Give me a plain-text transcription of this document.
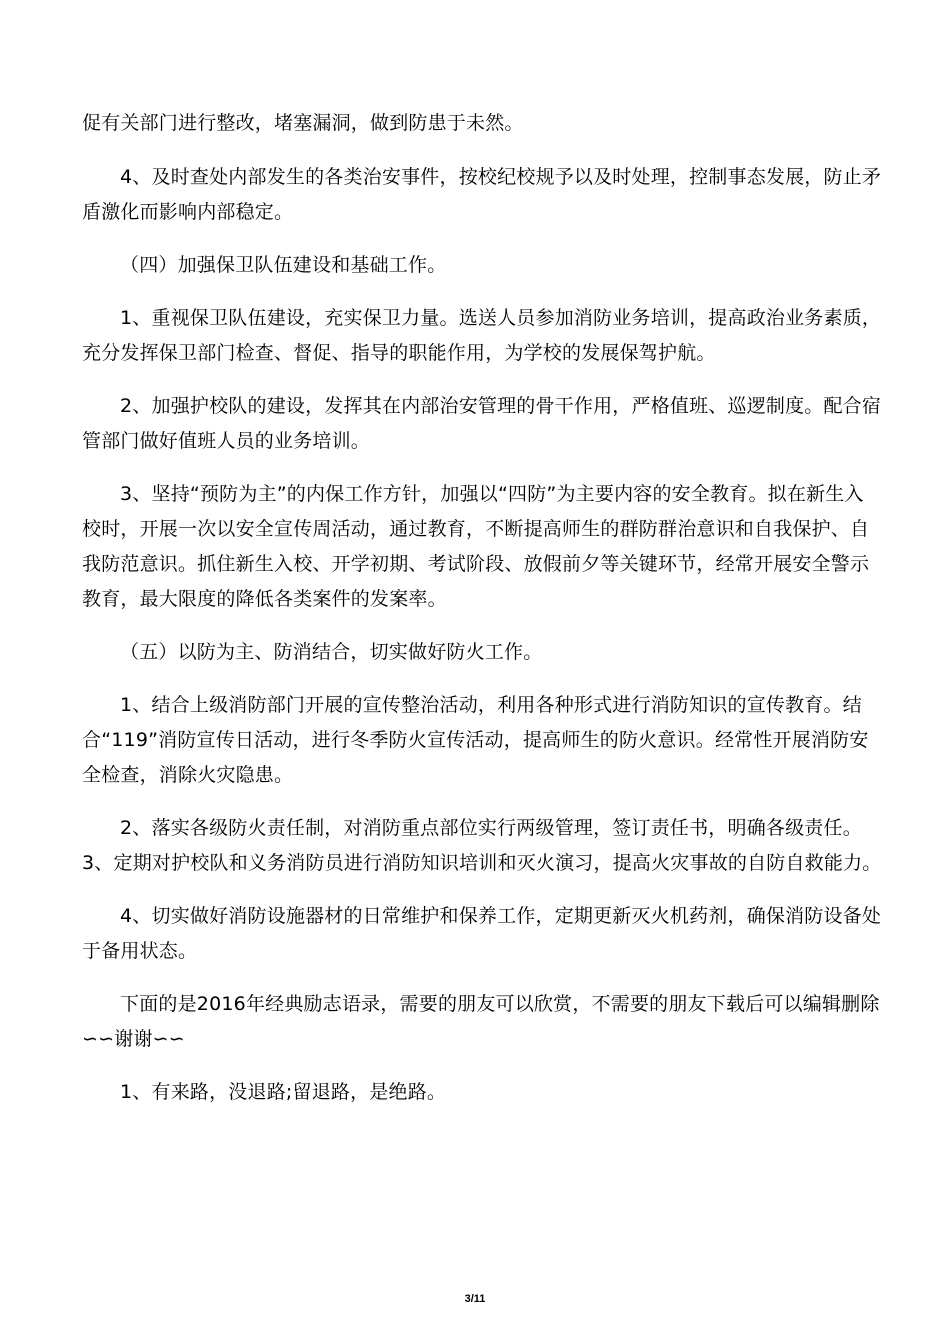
促有关部门进行整改，堵塞漏洞，做到防患于未然。

4、及时查处内部发生的各类治安事件，按校纪校规予以及时处理，控制事态发展，防止矛盾激化而影响内部稳定。

（四）加强保卫队伍建设和基础工作。

1、重视保卫队伍建设，充实保卫力量。选送人员参加消防业务培训，提高政治业务素质，充分发挥保卫部门检查、督促、指导的职能作用，为学校的发展保驾护航。

2、加强护校队的建设，发挥其在内部治安管理的骨干作用，严格值班、巡逻制度。配合宿管部门做好值班人员的业务培训。

3、坚持“预防为主”的内保工作方针，加强以“四防”为主要内容的安全教育。拟在新生入校时，开展一次以安全宣传周活动，通过教育，不断提高师生的群防群治意识和自我保护、自我防范意识。抓住新生入校、开学初期、考试阶段、放假前夕等关键环节，经常开展安全警示教育，最大限度的降低各类案件的发案率。

（五）以防为主、防消结合，切实做好防火工作。

1、结合上级消防部门开展的宣传整治活动，利用各种形式进行消防知识的宣传教育。结合“119”消防宣传日活动，进行冬季防火宣传活动，提高师生的防火意识。经常性开展消防安全检查，消除火灾隐患。

2、落实各级防火责任制，对消防重点部位实行两级管理，签订责任书，明确各级责任。3、定期对护校队和义务消防员进行消防知识培训和灭火演习，提高火灾事故的自防自救能力。

4、切实做好消防设施器材的日常维护和保养工作，定期更新灭火机药剂，确保消防设备处于备用状态。

下面的是2016年经典励志语录，需要的朋友可以欣赏，不需要的朋友下载后可以编辑删除∽∽谢谢∽∽

1、有来路，没退路;留退路，是绝路。

3/11
